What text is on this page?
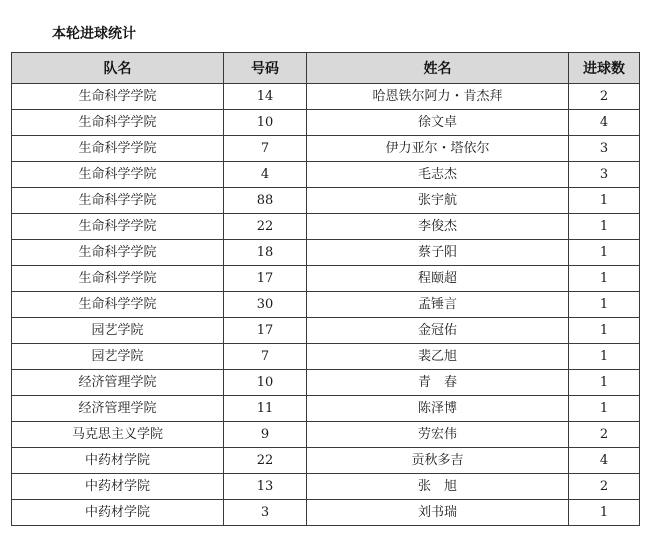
本轮进球统计
队名	号码	姓名	进球数
生命科学学院	14	哈恩铁尔阿力・肯杰拜	2
生命科学学院	10	徐文卓	4
生命科学学院	7	伊力亚尔・塔依尔	3
生命科学学院	4	毛志杰	3
生命科学学院	88	张宇航	1
生命科学学院	22	李俊杰	1
生命科学学院	18	蔡子阳	1
生命科学学院	17	程颐超	1
生命科学学院	30	孟锤言	1
园艺学院	17	金冠佑	1
园艺学院	7	裴乙旭	1
经济管理学院	10	青　春	1
经济管理学院	11	陈泽博	1
马克思主义学院	9	劳宏伟	2
中药材学院	22	贡秋多吉	4
中药材学院	13	张　旭	2
中药材学院	3	刘书瑞	1
